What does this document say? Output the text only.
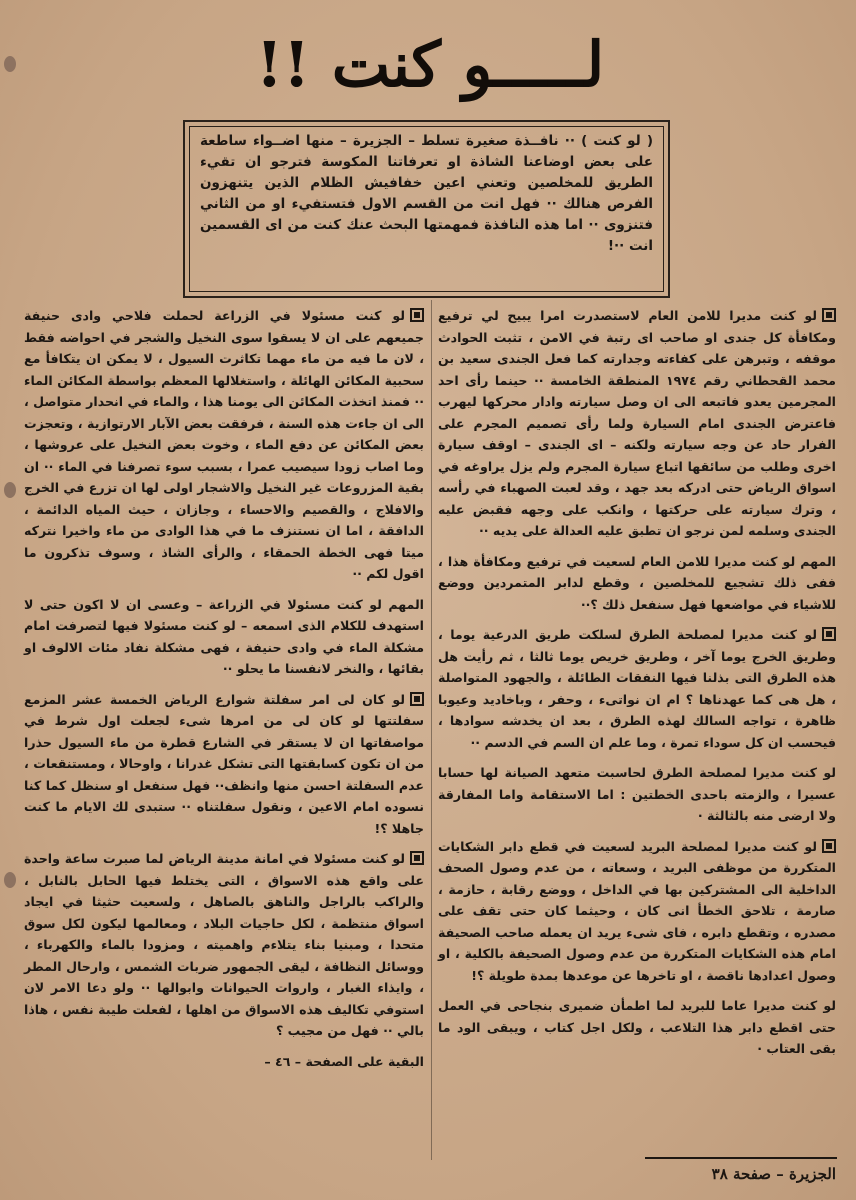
لـــــو كنت !!
( لو كنت ) ·· نافــذة صغيرة تسلط – الجزيرة – منها اضــواء ساطعة على بعض اوضاعنا الشاذة او تعرفاتنا المكوسة فترجو ان تقيء الطريق للمخلصين وتعني اعين خفافيش الظلام الذين يتنهزون الفرص هنالك ·· فهل انت من القسم الاول فتستفيء او من الثاني فتنزوى ·· اما هذه النافذة فمهمتها البحث عنك كنت من اى القسمين انت ··!

لو كنت مديرا للامن العام لاستصدرت امرا يبيح لي ترفيع ومكافأة كل جندى او صاحب اى رتبة في الامن ، تثبت الحوادث موقفه ، وتبرهن على كفاءته وجدارته كما فعل الجندى سعيد بن محمد القحطاني رقم ١٩٧٤ المنطقة الخامسة ·· حينما رأى احد المجرمين يعدو فاتبعه الى ان وصل سيارته وادار محركها ليهرب فاعترض الجندى امام السيارة ولما رأى تصميم المجرم على الفرار حاد عن وجه سيارته ولكنه – اى الجندى – اوقف سيارة اخرى وطلب من سائقها اتباع سيارة المجرم ولم يزل يراوغه في اسواق الرياض حتى ادركه بعد جهد ، وقد لعبت الصهباء في رأسه ، وترك سيارته على حركتها ، وانكب على وجهه فقبض عليه الجندى وسلمه لمن نرجو ان تطبق عليه العدالة على يديه ··

المهم لو كنت مديرا للامن العام لسعيت في ترفيع ومكافأة هذا ، ففى ذلك تشجيع للمخلصين ، وقطع لدابر المتمردين ووضع للاشياء في مواضعها فهل سنفعل ذلك ؟··

لو كنت مديرا لمصلحة الطرق لسلكت طريق الدرعية يوما ، وطريق الخرج يوما آخر ، وطريق خريص يوما ثالثا ، ثم رأيت هل هذه الطرق التى بذلنا فيها النفقات الطائلة ، والجهود المتواصلة ، هل هى كما عهدناها ؟ ام ان نواتىء ، وحفر ، وباخاديد وعيوبا ظاهرة ، تواجه السالك لهذه الطرق ، بعد ان يخدشه سوادها ، فيحسب ان كل سوداء تمرة ، وما علم ان السم في الدسم ··

لو كنت مديرا لمصلحة الطرق لحاسبت متعهد الصيانة لها حسابا عسيرا ، والزمته باحدى الخطتين : اما الاستقامة واما المفارقة ولا ارضى منه بالثالثة ·

لو كنت مديرا لمصلحة البريد لسعيت في قطع دابر الشكايات المتكررة من موظفى البريد ، وسعاته ، من عدم وصول الصحف الداخلية الى المشتركين بها في الداخل ، ووضع رقابة ، حازمة ، صارمة ، تلاحق الخطأ انى كان ، وحيثما كان حتى تقف على مصدره ، وتقطع دابره ، فاى شىء يريد ان يعمله صاحب الصحيفة امام هذه الشكايات المتكررة من عدم وصول الصحيفة بالكلية ، او وصول اعدادها ناقصة ، او تاخرها عن موعدها بمدة طويلة ؟!

لو كنت مديرا عاما للبريد لما اطمأن ضميرى بنجاحى في العمل حتى اقطع دابر هذا التلاعب ، ولكل اجل كتاب ، ويبقى الود ما بقى العتاب ·

لو كنت مسئولا في الزراعة لحملت فلاحي وادى حنيفة جميعهم على ان لا يسقوا سوى النخيل والشجر في احواضه فقط ، لان ما فيه من ماء مهما تكاثرت السيول ، لا يمكن ان يتكافأ مع سحبية المكائن الهائلة ، واستغلالها المعظم بواسطة المكائن الماء ·· فمنذ اتخذت المكائن الى يومنا هذا ، والماء في انحدار متواصل ، الى ان جاءت هذه السنة ، فرفقت بعض الآبار الارتوازية ، وتعجزت بعض المكائن عن دفع الماء ، وخوت بعض النخيل على عروشها ، وما اصاب زودا سيصيب عمرا ، بسبب سوء تصرفنا في الماء ·· ان بقية المزروعات غير النخيل والاشجار اولى لها ان تزرع في الخرج والافلاج ، والقصيم والاحساء ، وجازان ، حيث المياه الدائمة ، الدافقة ، اما ان نستنزف ما في هذا الوادى من ماء واخيرا نتركه ميتا فهى الخطة الحمقاء ، والرأى الشاذ ، وسوف تذكرون ما اقول لكم ··

المهم لو كنت مسئولا في الزراعة – وعسى ان لا اكون حتى لا استهدف للكلام الذى اسمعه – لو كنت مسئولا فيها لتصرفت امام مشكلة الماء في وادى حنيفة ، فهى مشكلة نفاد مئات الالوف او بقائها ، والنخر لانفسنا ما يحلو ··

لو كان لى امر سفلتة شوارع الرياض الخمسة عشر المزمع سفلتتها لو كان لى من امرها شىء لجعلت اول شرط في مواصفاتها ان لا يستقر في الشارع قطرة من ماء السيول حذرا من ان تكون كسابقتها التى تشكل غدرانا ، واوحالا ، ومستنقعات ، عدم السفلتة احسن منها وانظف·· فهل سنفعل او سنظل كما كنا نسوده امام الاعين ، ونقول سفلتناه ·· ستبدى لك الايام ما كنت جاهلا ؟!

لو كنت مسئولا في امانة مدينة الرياض لما صبرت ساعة واحدة على واقع هذه الاسواق ، التى يختلط فيها الحابل بالنابل ، والراكب بالراجل والناهق بالصاهل ، ولسعيت حثيثا في ايجاد اسواق منتظمة ، لكل حاجيات البلاد ، ومعالمها ليكون لكل سوق متحدا ، ومبنيا بناء يتلاءم واهميته ، ومزودا بالماء والكهرباء ، ووسائل النظافة ، ليقى الجمهور ضربات الشمس ، وارحال المطر ، وايذاء الغبار ، واروات الحيوانات وابوالها ·· ولو دعا الامر لان استوفي تكاليف هذه الاسواق من اهلها ، لفعلت طيبة نفس ، هاذا بالي ·· فهل من مجيب ؟

البقية على الصفحة – ٤٦ –

الجزيرة – صفحة ٣٨
